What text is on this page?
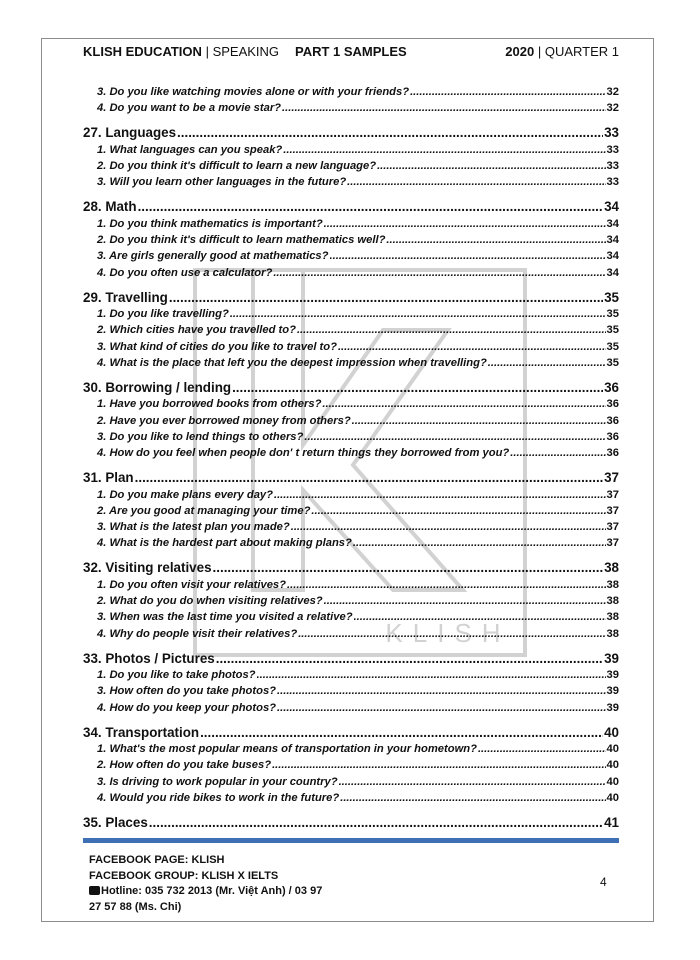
KLISH EDUCATION | SPEAKING PART 1 SAMPLES	2020 | QUARTER 1
KLISH
3. Do you like watching movies alone or with your friends? .....	32
4. Do you want to be a movie star? .....	32
27. Languages .....	33
1. What languages can you speak? .....	33
2. Do you think it's difficult to learn a new language? .....	33
3. Will you learn other languages in the future? .....	33
28. Math .....	34
1. Do you think mathematics is important? .....	34
2. Do you think it's difficult to learn mathematics well? .....	34
3. Are girls generally good at mathematics? .....	34
4. Do you often use a calculator? .....	34
29. Travelling .....	35
1. Do you like travelling? .....	35
2. Which cities have you travelled to? .....	35
3. What kind of cities do you like to travel to? .....	35
4. What is the place that left you the deepest impression when travelling? .....	35
30. Borrowing / lending .....	36
1. Have you borrowed books from others? .....	36
2. Have you ever borrowed money from others? .....	36
3. Do you like to lend things to others? .....	36
4. How do you feel when people don' t return things they borrowed from you? .....	36
31. Plan .....	37
1. Do you make plans every day? .....	37
2. Are you good at managing your time? .....	37
3. What is the latest plan you made? .....	37
4. What is the hardest part about making plans? .....	37
32. Visiting relatives .....	38
1. Do you often visit your relatives? .....	38
2. What do you do when visiting relatives? .....	38
3. When was the last time you visited a relative? .....	38
4. Why do people visit their relatives? .....	38
33. Photos / Pictures .....	39
1. Do you like to take photos? .....	39
3. How often do you take photos? .....	39
4. How do you keep your photos? .....	39
34. Transportation .....	40
1. What's the most popular means of transportation in your hometown? .....	40
2. How often do you take buses? .....	40
3. Is driving to work popular in your country? .....	40
4. Would you ride bikes to work in the future? .....	40
35. Places .....	41
FACEBOOK PAGE: KLISH
FACEBOOK GROUP: KLISH X IELTS
Hotline: 035 732 2013 (Mr. Việt Anh) / 03 97
27 57 88 (Ms. Chi)
4
